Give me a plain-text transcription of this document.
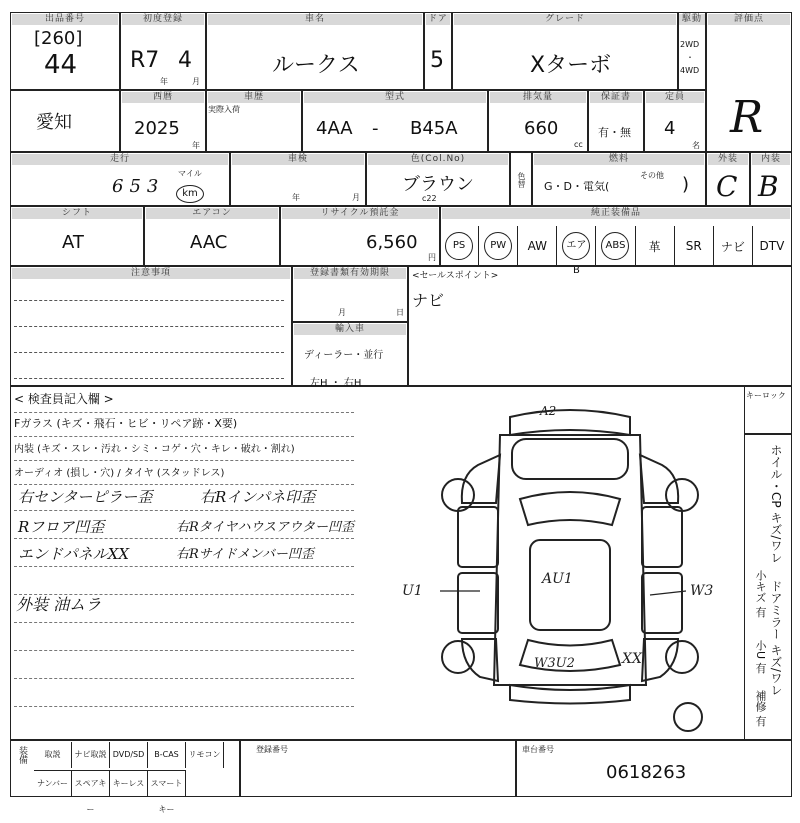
出品番号
[260]
44
初度登録
R7
年
4
月
車名
ルークス
ドア
5
グレード
Xターボ
駆動
2WD
・
4WD
評価点
R
愛知
西暦
2025
年
車歴
実際入荷
型式
4AA - B45A
排気量
660
cc
保証書
有・無
定員
4
名
走行
653
マイル
km
車検
年	月
色(Col.No)
ブラウン
c22
色替
燃料
G・D・電気(
その他 )
外装
C
内装
B
シフト
AT
エアコン
AAC
リサイクル預託金
6,560
円
純正装備品
PS	PW	AW	エアB
ABS	革 SR ナビ DTV
注意事項	登録書類有効期限
月	日
輸入車
ディーラー・並行
左H ・ 右H
<セールスポイント>
ナビ
< 検査員記入欄 >
Fガラス (キズ・飛石・ヒビ・リペア跡・X要)
内装 (キズ・スレ・汚れ・シミ・コゲ・穴・キレ・破れ・割れ)
オーディオ (損し・穴) / タイヤ (スタッドレス)
右センターピラー歪	右Rインパネ印歪
Rフロア凹歪	右Rタイヤハウスアウター凹歪
エンドパネルXX	右Rサイドメンバー凹歪
外装 油ムラ
A2
U1
AU1
W3
W3U2	XX
キーロック
ホイル・CP キズ/ワレ
小キズ 有 ドアミラー キズ/ワレ
小U 有
補修 有
装備	取説	ナビ取説 DVD/SD	B-CAS	リモコン
ナンバー スペアキー
キーレス スマートキー
登録番号	車台番号
0618263
